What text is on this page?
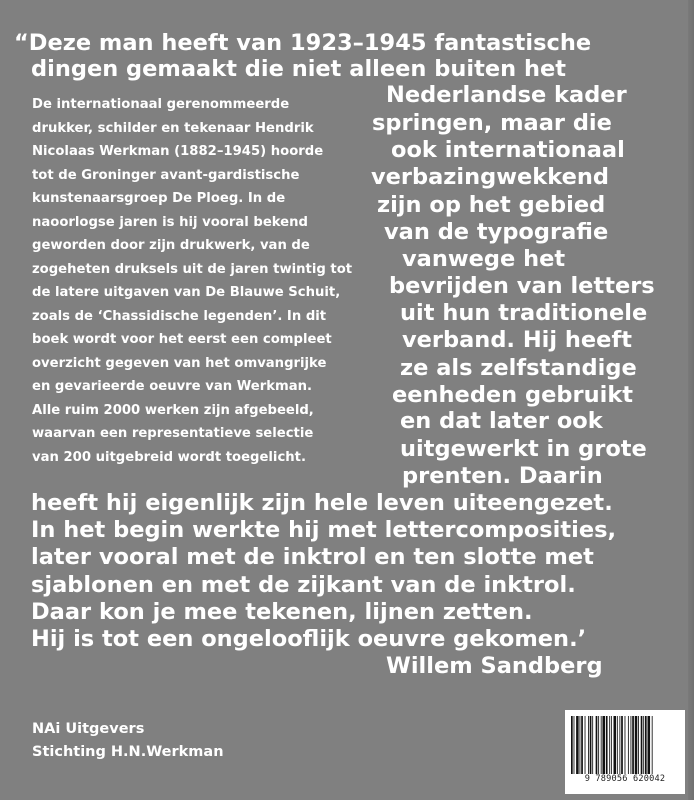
“Deze man heeft van 1923–1945 fantastische

dingen gemaakt die niet alleen buiten het

Nederlandse kader

springen, maar die

ook internationaal

verbazingwekkend

zijn op het gebied

van de typografie

vanwege het

bevrijden van letters

uit hun traditionele

verband. Hij heeft

ze als zelfstandige

eenheden gebruikt

en dat later ook

uitgewerkt in grote

prenten. Daarin

heeft hij eigenlijk zijn hele leven uiteengezet.

In het begin werkte hij met lettercomposities,

later vooral met de inktrol en ten slotte met

sjablonen en met de zijkant van de inktrol.

Daar kon je mee tekenen, lijnen zetten.

Hij is tot een ongelooflijk oeuvre gekomen.’

Willem Sandberg

De internationaal gerenommeerde

drukker, schilder en tekenaar Hendrik

Nicolaas Werkman (1882–1945) hoorde

tot de Groninger avant-gardistische

kunstenaarsgroep De Ploeg. In de

naoorlogse jaren is hij vooral bekend

geworden door zijn drukwerk, van de

zogeheten druksels uit de jaren twintig tot

de latere uitgaven van De Blauwe Schuit,

zoals de ‘Chassidische legenden’. In dit

boek wordt voor het eerst een compleet

overzicht gegeven van het omvangrijke

en gevarieerde oeuvre van Werkman.

Alle ruim 2000 werken zijn afgebeeld,

waarvan een representatieve selectie

van 200 uitgebreid wordt toegelicht.

NAi Uitgevers

Stichting H.N.Werkman

9 789056 620042
